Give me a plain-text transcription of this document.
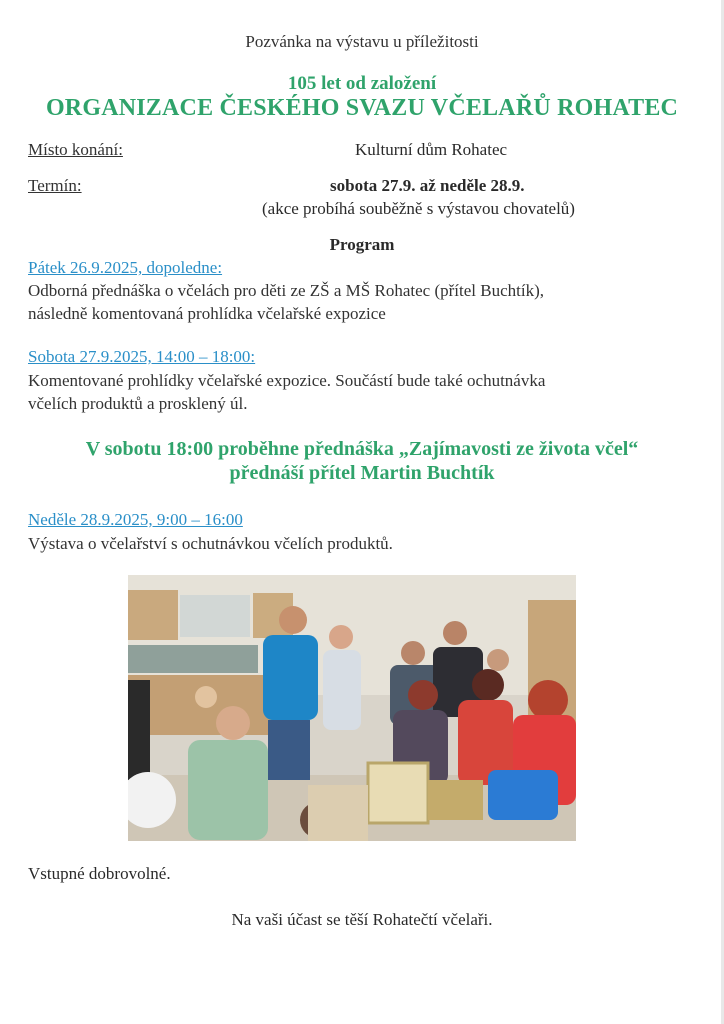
Pozvánka na výstavu u příležitosti
105 let od založení
ORGANIZACE ČESKÉHO SVAZU VČELAŘŮ ROHATEC
Místo konání:	Kulturní dům Rohatec
Termín:	sobota 27.9. až neděle 28.9.
(akce probíhá souběžně s výstavou chovatelů)
Program
Pátek 26.9.2025, dopoledne:
Odborná přednáška o včelách pro děti ze ZŠ a MŠ Rohatec (přítel Buchtík),
následně komentovaná prohlídka včelařské expozice
Sobota 27.9.2025, 14:00 – 18:00:
Komentované prohlídky včelařské expozice. Součástí bude také ochutnávka
včelích produktů a prosklený úl.
V sobotu 18:00 proběhne přednáška „Zajímavosti ze života včel“
přednáší přítel Martin Buchtík
Neděle 28.9.2025, 9:00 – 16:00
Výstava o včelařství s ochutnávkou včelích produktů.
Vstupné dobrovolné.
Na vaši účast se těší Rohatečtí včelaři.
